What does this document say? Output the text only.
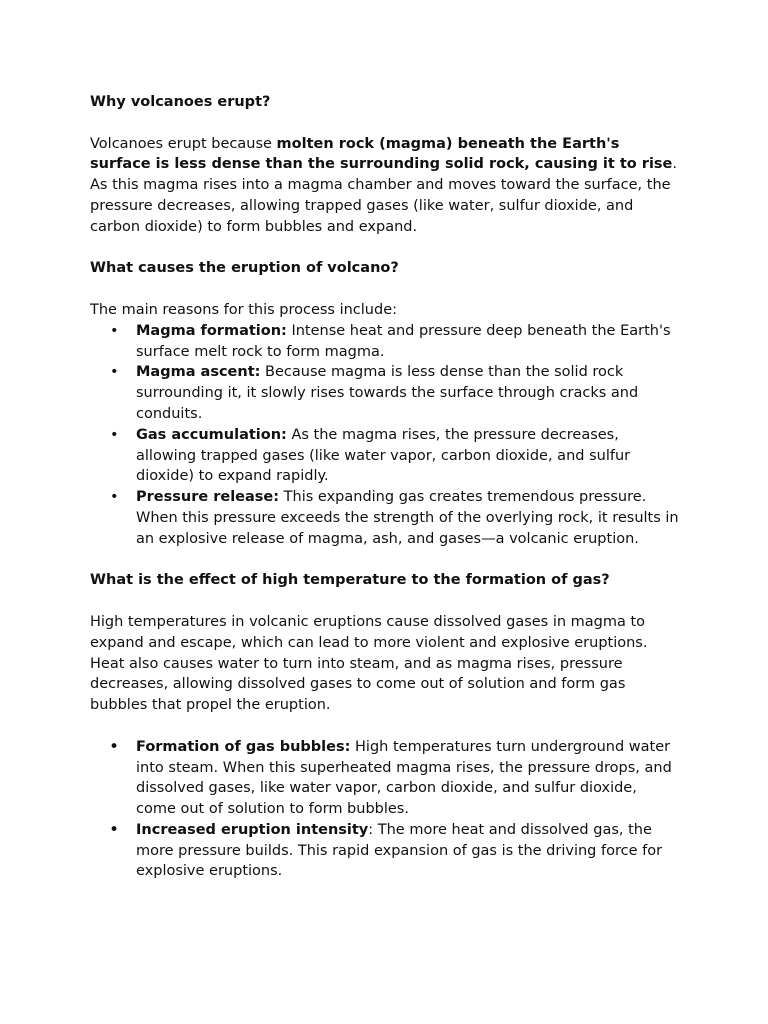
Why volcanoes erupt?

Volcanoes erupt because molten rock (magma) beneath the Earth's surface is less dense than the surrounding solid rock, causing it to rise. As this magma rises into a magma chamber and moves toward the surface, the pressure decreases, allowing trapped gases (like water, sulfur dioxide, and carbon dioxide) to form bubbles and expand.

What causes the eruption of volcano?

The main reasons for this process include:

• Magma formation: Intense heat and pressure deep beneath the Earth's surface melt rock to form magma.
• Magma ascent: Because magma is less dense than the solid rock surrounding it, it slowly rises towards the surface through cracks and conduits.
• Gas accumulation: As the magma rises, the pressure decreases, allowing trapped gases (like water vapor, carbon dioxide, and sulfur dioxide) to expand rapidly.
• Pressure release: This expanding gas creates tremendous pressure. When this pressure exceeds the strength of the overlying rock, it results in an explosive release of magma, ash, and gases—a volcanic eruption.

What is the effect of high temperature to the formation of gas?

High temperatures in volcanic eruptions cause dissolved gases in magma to expand and escape, which can lead to more violent and explosive eruptions. Heat also causes water to turn into steam, and as magma rises, pressure decreases, allowing dissolved gases to come out of solution and form gas bubbles that propel the eruption.

• Formation of gas bubbles: High temperatures turn underground water into steam. When this superheated magma rises, the pressure drops, and dissolved gases, like water vapor, carbon dioxide, and sulfur dioxide, come out of solution to form bubbles.
• Increased eruption intensity: The more heat and dissolved gas, the more pressure builds. This rapid expansion of gas is the driving force for explosive eruptions.
